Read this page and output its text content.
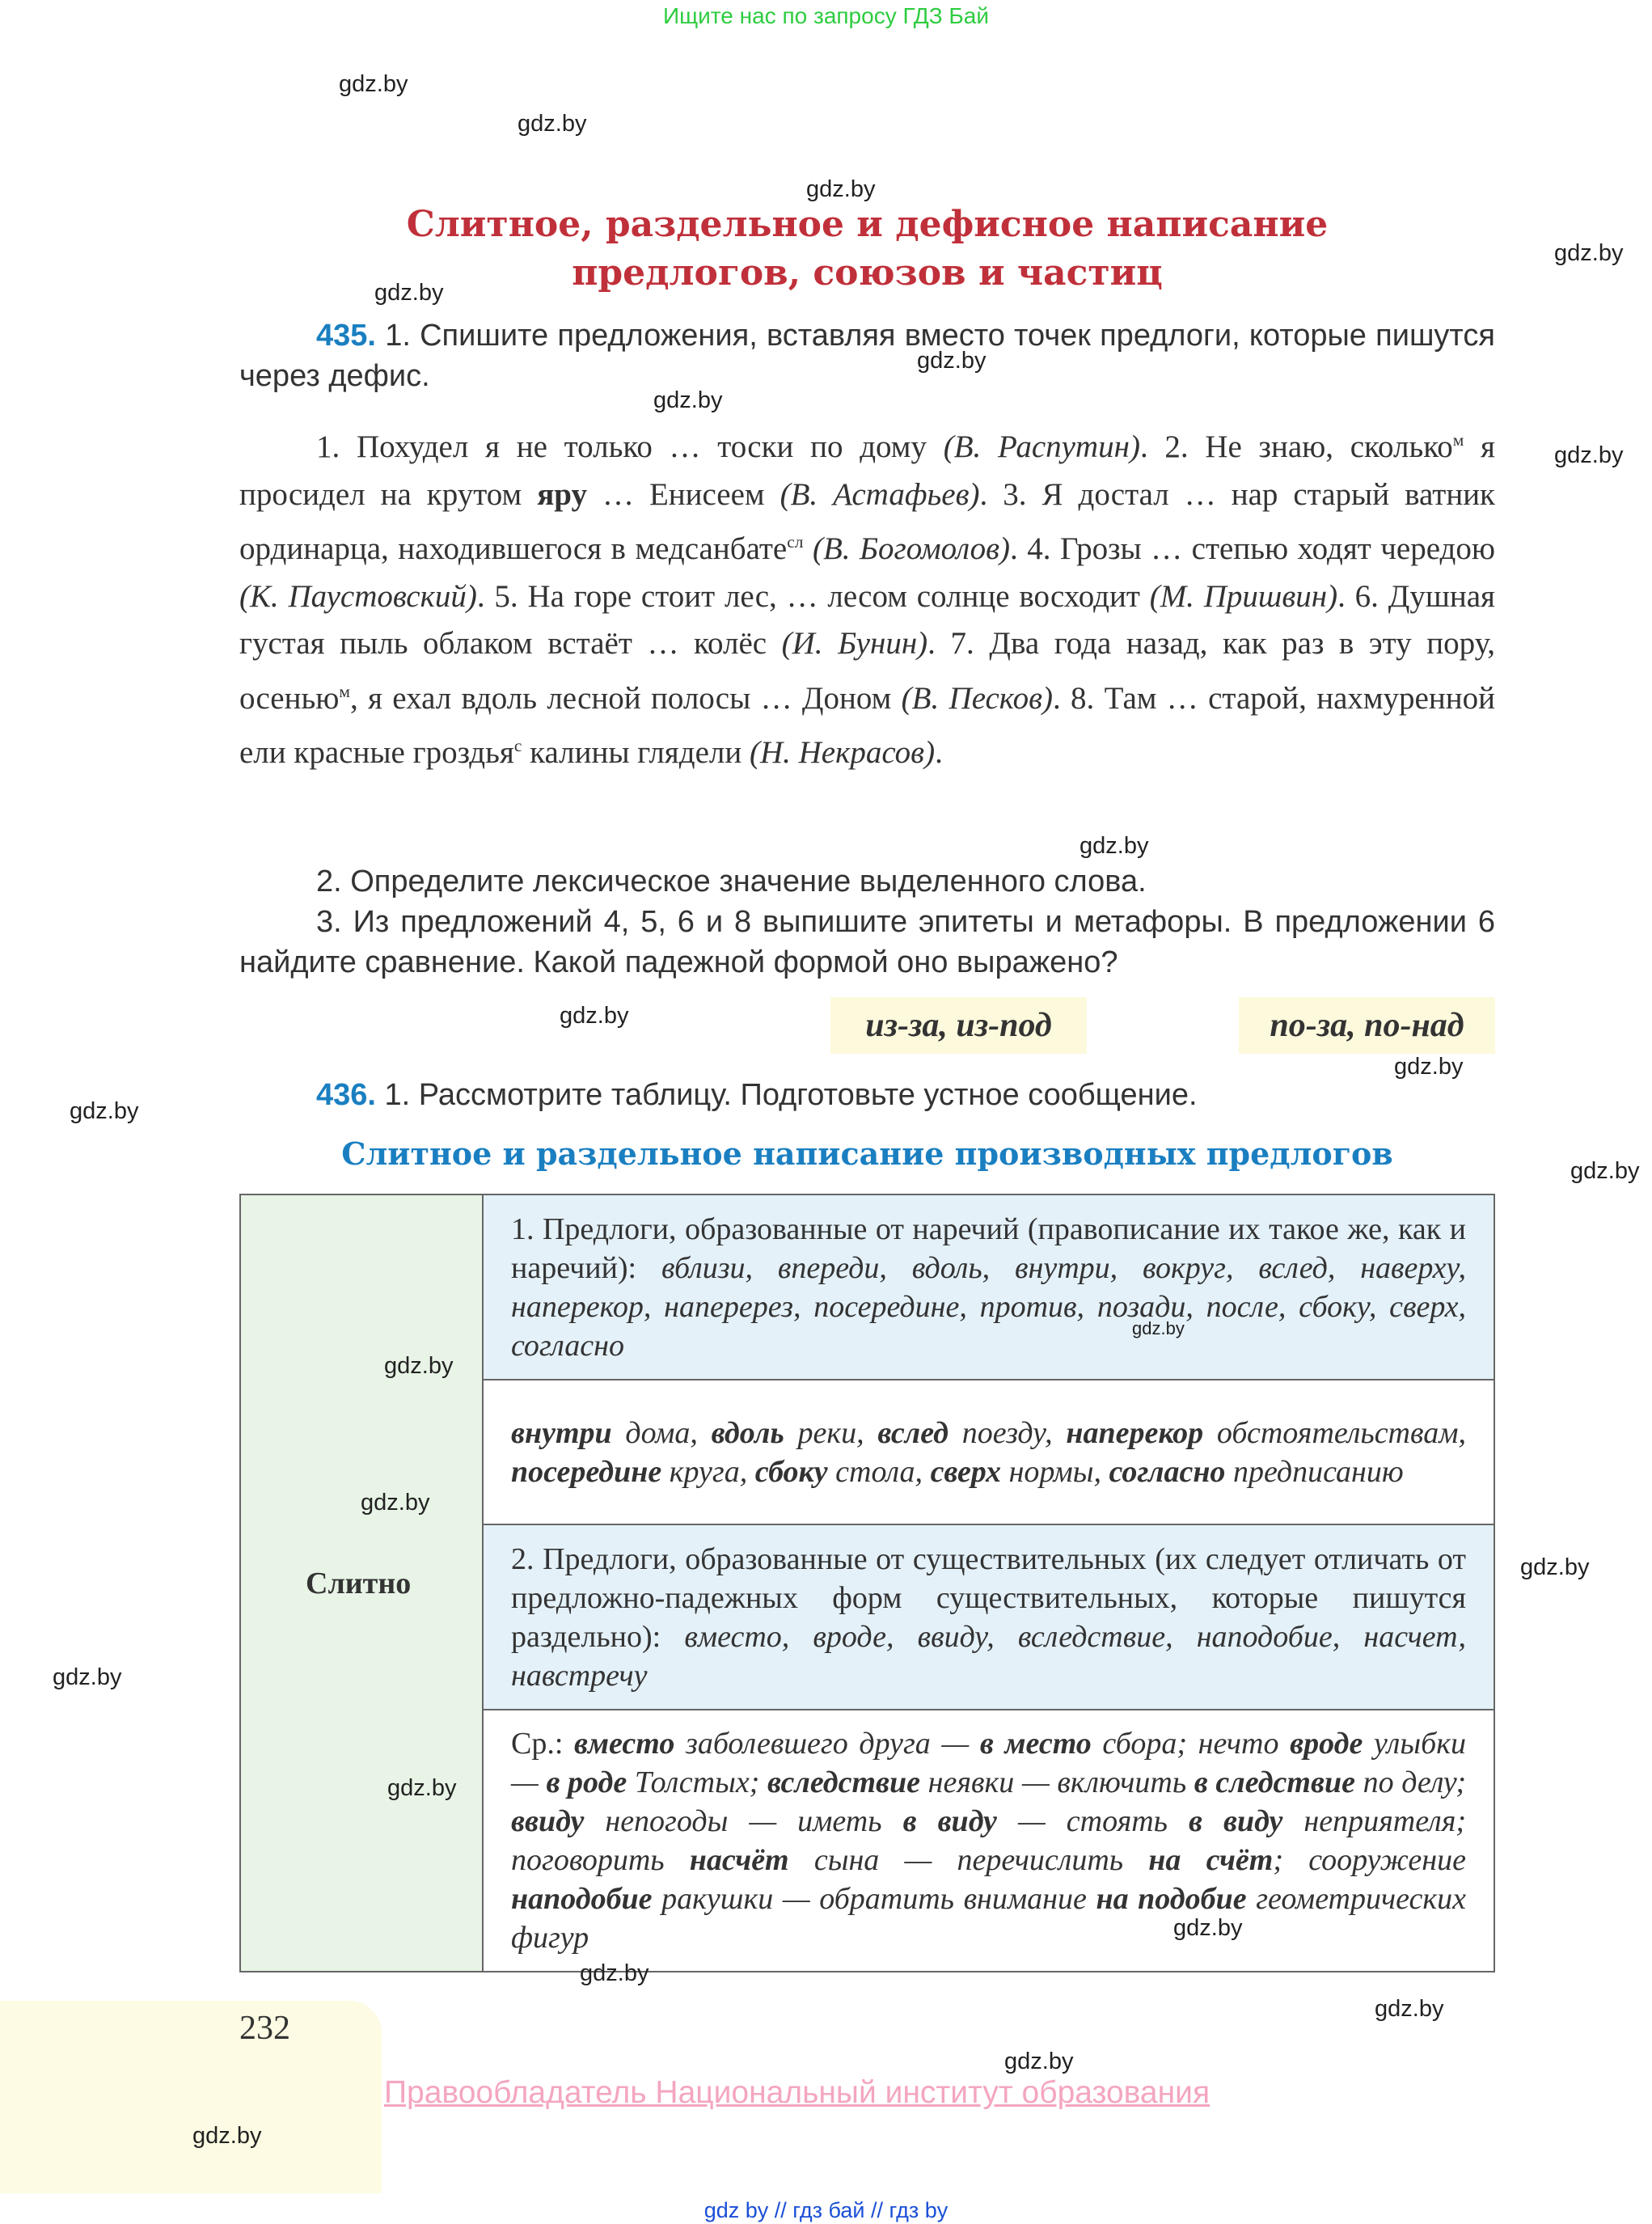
Ищите нас по запросу ГДЗ Бай
gdz.by
gdz.by
gdz.by
gdz.by
gdz.by
gdz.by
gdz.by
gdz.by
gdz.by
gdz.by
gdz.by
gdz.by
gdz.by
gdz.by
gdz.by
gdz.by
gdz.by
gdz.by
gdz.by
gdz.by
gdz.by
gdz.by
gdz.by
Слитное, раздельное и дефисное написание
предлогов, союзов и частиц
435. 1. Спишите предложения, вставляя вместо точек предлоги, которые пишутся через дефис.
1. Похудел я не только … тоски по дому (В. Распутин). 2. Не знаю, сколько$^м$ я просидел на крутом яру … Енисеем (В. Астафьев). 3. Я достал … нар старый ватник ординарца, находившегося в медсанбате$^{сл}$ (В. Богомолов). 4. Грозы … степью ходят чередою (К. Паустовский). 5. На горе стоит лес, … лесом солнце восходит (М. Пришвин). 6. Душная густая пыль облаком встаёт … колёс (И. Бунин). 7. Два года назад, как раз в эту пору, осенью$^м$, я ехал вдоль лесной полосы … Доном (В. Песков). 8. Там … старой, нахмуренной ели красные гроздья$^с$ калины глядели (Н. Некрасов).
2. Определите лексическое значение выделенного слова.
3. Из предложений 4, 5, 6 и 8 выпишите эпитеты и метафоры. В предложении 6 найдите сравнение. Какой падежной формой оно выражено?
из-за, из-под	по-за, по-над
436. 1. Рассмотрите таблицу. Подготовьте устное сообщение.
Слитное и раздельное написание производных предлогов
Слитно	1. Предлоги, образованные от наречий (правописание их такое же, как и наречий): вблизи, впереди, вдоль, внутри, вокруг, вслед, наверху, наперекор, наперерез, посередине, против, позади, после, сбоку, сверх, согласно
внутри дома, вдоль реки, вслед поезду, наперекор обстоятельствам, посередине круга, сбоку стола, сверх нормы, согласно предписанию
2. Предлоги, образованные от существительных (их следует отличать от предложно-падежных форм существительных, которые пишутся раздельно): вместо, вроде, ввиду, вследствие, наподобие, насчет, навстречу
Ср.: вместо заболевшего друга — в место сбора; нечто вроде улыбки — в роде Толстых; вследствие неявки — включить в следствие по делу; ввиду непогоды — иметь в виду — стоять в виду неприятеля; поговорить насчёт сына — перечислить на счёт; сооружение наподобие ракушки — обратить внимание на подобие геометрических фигур
gdz.by
232
Правообладатель Национальный институт образования
gdz by // гдз бай // гдз by
